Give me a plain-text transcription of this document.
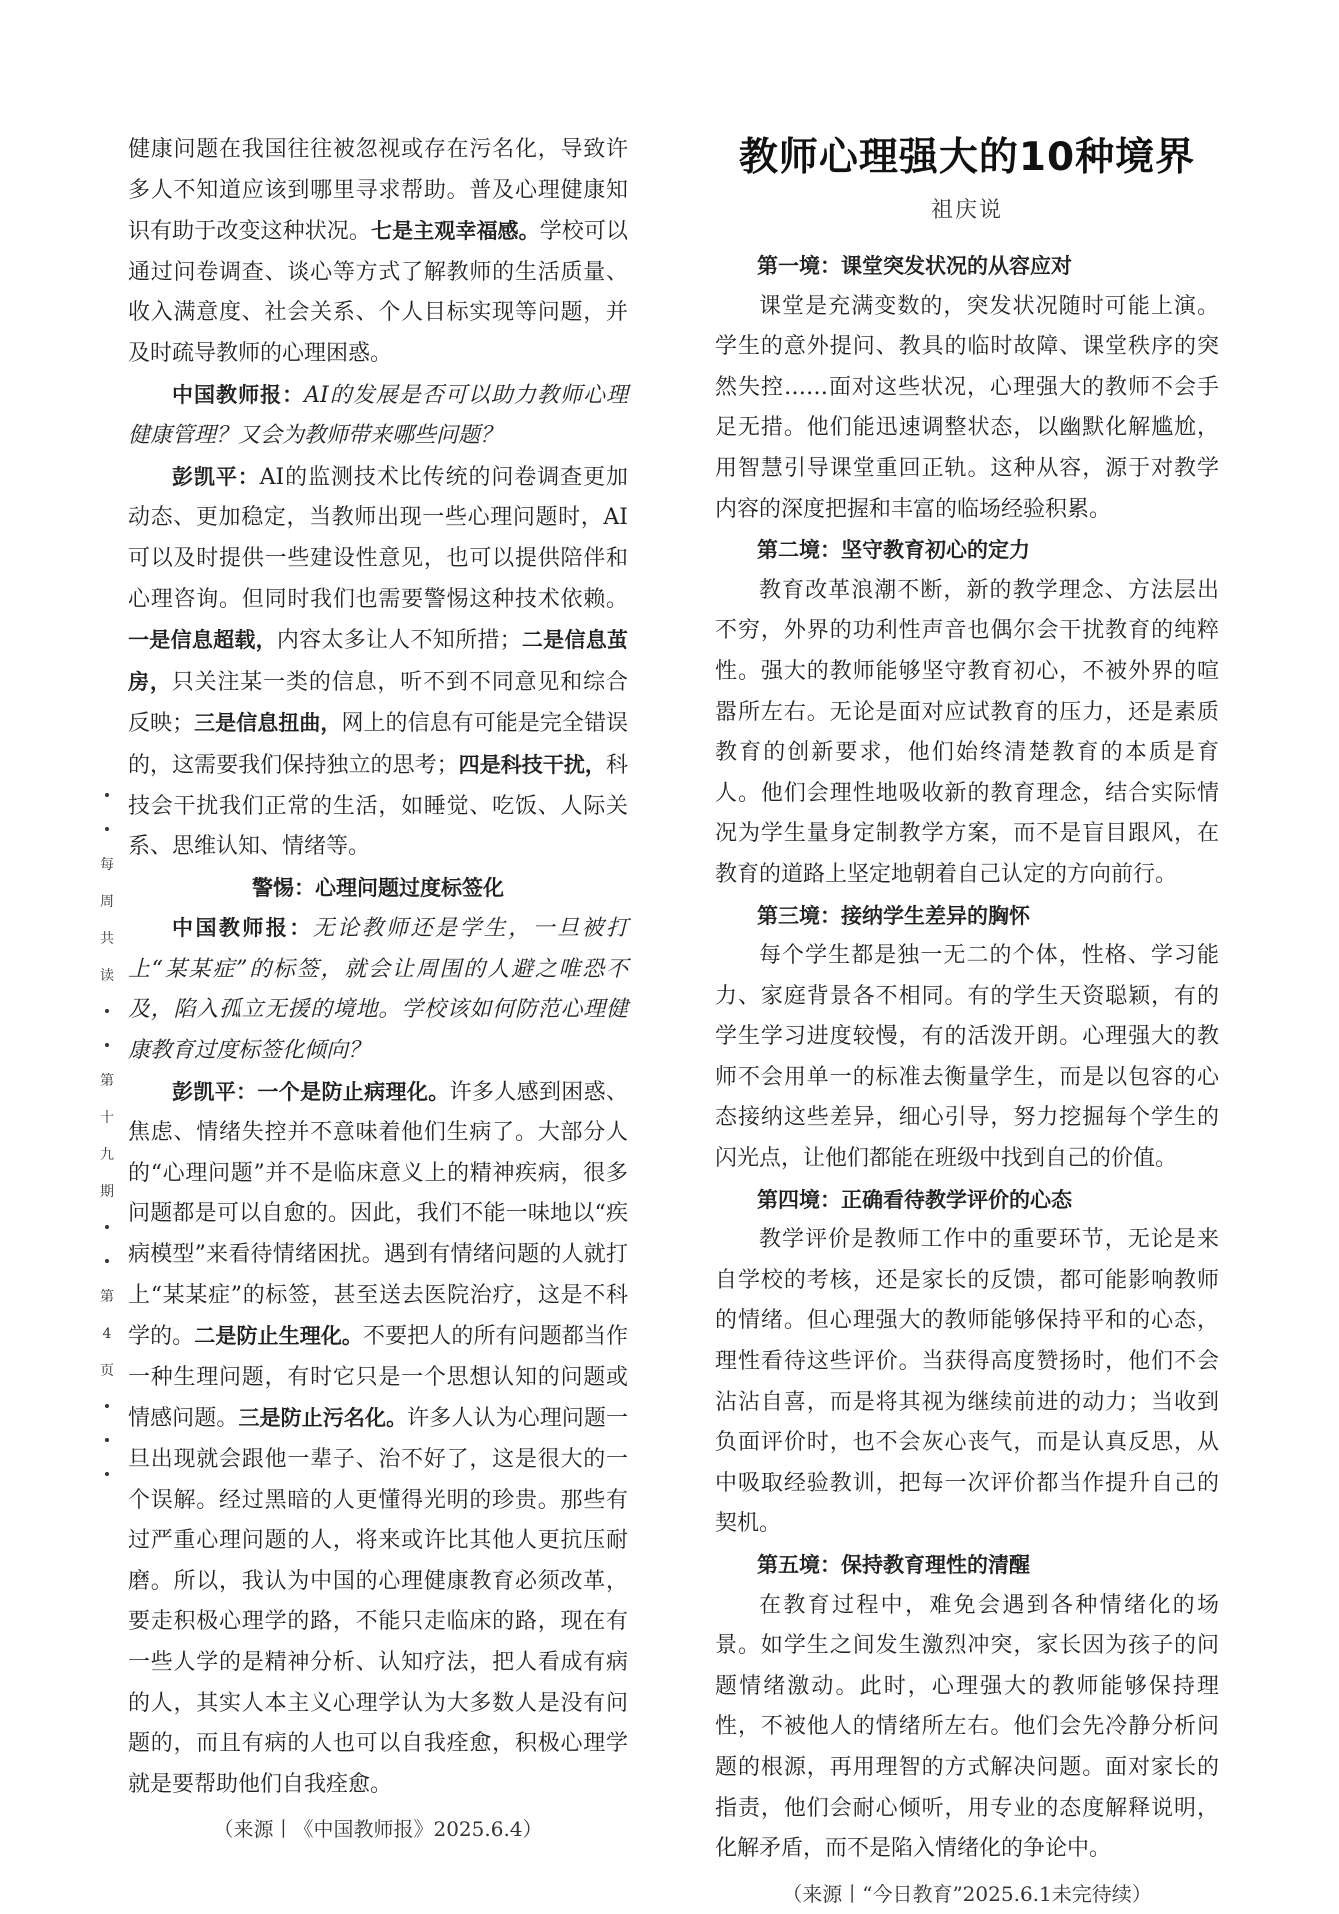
健康问题在我国往往被忽视或存在污名化，导致许多人不知道应该到哪里寻求帮助。普及心理健康知识有助于改变这种状况。七是主观幸福感。学校可以通过问卷调查、谈心等方式了解教师的生活质量、收入满意度、社会关系、个人目标实现等问题，并及时疏导教师的心理困惑。

中国教师报：AI的发展是否可以助力教师心理健康管理？又会为教师带来哪些问题？

彭凯平：AI的监测技术比传统的问卷调查更加动态、更加稳定，当教师出现一些心理问题时，AI可以及时提供一些建设性意见，也可以提供陪伴和心理咨询。但同时我们也需要警惕这种技术依赖。一是信息超载，内容太多让人不知所措；二是信息茧房，只关注某一类的信息，听不到不同意见和综合反映；三是信息扭曲，网上的信息有可能是完全错误的，这需要我们保持独立的思考；四是科技干扰，科技会干扰我们正常的生活，如睡觉、吃饭、人际关系、思维认知、情绪等。

警惕：心理问题过度标签化

中国教师报：无论教师还是学生，一旦被打上“某某症”的标签，就会让周围的人避之唯恐不及，陷入孤立无援的境地。学校该如何防范心理健康教育过度标签化倾向？

彭凯平：一个是防止病理化。许多人感到困惑、焦虑、情绪失控并不意味着他们生病了。大部分人的“心理问题”并不是临床意义上的精神疾病，很多问题都是可以自愈的。因此，我们不能一味地以“疾病模型”来看待情绪困扰。遇到有情绪问题的人就打上“某某症”的标签，甚至送去医院治疗，这是不科学的。二是防止生理化。不要把人的所有问题都当作一种生理问题，有时它只是一个思想认知的问题或情感问题。三是防止污名化。许多人认为心理问题一旦出现就会跟他一辈子、治不好了，这是很大的一个误解。经过黑暗的人更懂得光明的珍贵。那些有过严重心理问题的人，将来或许比其他人更抗压耐磨。所以，我认为中国的心理健康教育必须改革，要走积极心理学的路，不能只走临床的路，现在有一些人学的是精神分析、认知疗法，把人看成有病的人，其实人本主义心理学认为大多数人是没有问题的，而且有病的人也可以自我痊愈，积极心理学就是要帮助他们自我痊愈。

（来源丨《中国教师报》2025.6.4）

教师心理强大的10种境界
祖庆说

第一境：课堂突发状况的从容应对

课堂是充满变数的，突发状况随时可能上演。学生的意外提问、教具的临时故障、课堂秩序的突然失控……面对这些状况，心理强大的教师不会手足无措。他们能迅速调整状态，以幽默化解尴尬，用智慧引导课堂重回正轨。这种从容，源于对教学内容的深度把握和丰富的临场经验积累。

第二境：坚守教育初心的定力

教育改革浪潮不断，新的教学理念、方法层出不穷，外界的功利性声音也偶尔会干扰教育的纯粹性。强大的教师能够坚守教育初心，不被外界的喧嚣所左右。无论是面对应试教育的压力，还是素质教育的创新要求，他们始终清楚教育的本质是育人。他们会理性地吸收新的教育理念，结合实际情况为学生量身定制教学方案，而不是盲目跟风，在教育的道路上坚定地朝着自己认定的方向前行。

第三境：接纳学生差异的胸怀

每个学生都是独一无二的个体，性格、学习能力、家庭背景各不相同。有的学生天资聪颖，有的学生学习进度较慢，有的活泼开朗。心理强大的教师不会用单一的标准去衡量学生，而是以包容的心态接纳这些差异，细心引导，努力挖掘每个学生的闪光点，让他们都能在班级中找到自己的价值。

第四境：正确看待教学评价的心态

教学评价是教师工作中的重要环节，无论是来自学校的考核，还是家长的反馈，都可能影响教师的情绪。但心理强大的教师能够保持平和的心态，理性看待这些评价。当获得高度赞扬时，他们不会沾沾自喜，而是将其视为继续前进的动力；当收到负面评价时，也不会灰心丧气，而是认真反思，从中吸取经验教训，把每一次评价都当作提升自己的契机。

第五境：保持教育理性的清醒

在教育过程中，难免会遇到各种情绪化的场景。如学生之间发生激烈冲突，家长因为孩子的问题情绪激动。此时，心理强大的教师能够保持理性，不被他人的情绪所左右。他们会先冷静分析问题的根源，再用理智的方式解决问题。面对家长的指责，他们会耐心倾听，用专业的态度解释说明，化解矛盾，而不是陷入情绪化的争论中。

（来源丨“今日教育”2025.6.1未完待续）

每
周
共
读
第
十
九
期
第
4
页
